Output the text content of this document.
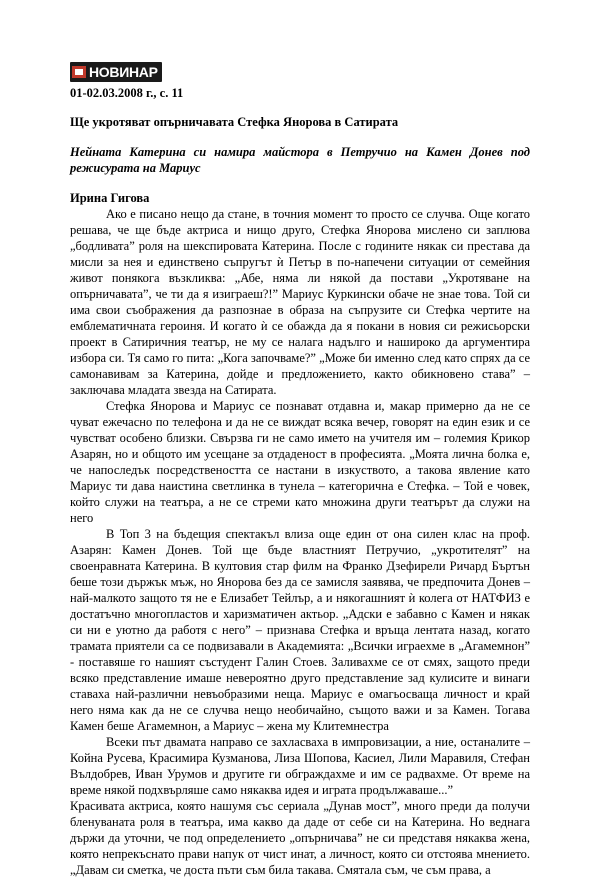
НОВИНАР
01-02.03.2008 г., с. 11
Ще укротяват опърничавата Стефка Янорова в Сатирата
Нейната Катерина си намира майстора в Петручио на Камен Донев под режисурата на Мариус
Ирина Гигова

Ако е писано нещо да стане, в точния момент то просто се случва. Още когато решава, че ще бъде актриса и нищо друго, Стефка Янорова мислено си заплюва „бодливата” роля на шекспировата Катерина. После с годините някак си престава да мисли за нея и единствено съпругът ѝ Петър в по-напечени ситуации от семейния живот понякога възкликва: „Абе, няма ли някой да постави „Укротяване на опърничавата”, че ти да я изиграеш?!” Мариус Куркински обаче не знае това. Той си има свои съображения да разпознае в образа на съпрузите си Стефка чертите на емблематичната героиня. И когато ѝ се обажда да я покани в новия си режисьорски проект в Сатиричния театър, не му се налага надълго и нашироко да аргументира избора си. Тя само го пита: „Кога започваме?” „Може би именно след като спрях да се самонавивам за Катерина, дойде и предложението, както обикновено става” – заключава младата звезда на Сатирата.

Стефка Янорова и Мариус се познават отдавна и, макар примерно да не се чуват ежечасно по телефона и да не се виждат всяка вечер, говорят на един език и се чувстват особено близки. Свързва ги не само името на учителя им – големия Крикор Азарян, но и общото им усещане за отдаденост в професията. „Моята лична болка е, че напоследък посредствеността се настани в изкуството, а такова явление като Мариус ти дава наистина светлинка в тунела – категорична е Стефка. – Той е човек, който служи на театъра, а не се стреми като множина други театърът да служи на него

В Топ 3 на бъдещия спектакъл влиза още един от она силен клас на проф. Азарян: Камен Донев. Той ще бъде властният Петручио, „укротителят” на своенравната Катерина. В култовия стар филм на Франко Дзефирели Ричард Бъртън беше този държък мъж, но Янорова без да се замисля заявява, че предпочита Донев – най-малкото защото тя не е Елизабет Тейлър, а и някогашният ѝ колега от НАТФИЗ е достатъчно многопластов и харизматичен актьор. „Адски е забавно с Камен и някак си ни е уютно да работя с него” – признава Стефка и връща лентата назад, когато трамата приятели са се подвизавали в Академията: „Всички играехме в „Агамемнон” - поставяше го нашият състудент Галин Стоев. Заливахме се от смях, защото преди всяко представление имаше невероятно друго представление зад кулисите и винаги ставаха най-различни невъобразими неща. Мариус е омагьосваща личност и край него няма как да не се случва нещо необичайно, същото важи и за Камен. Тогава Камен беше Агамемнон, а Мариус – жена му Клитемнестра

Всеки път двамата направо се захласваха в импровизации, а ние, останалите – Койна Русева, Красимира Кузманова, Лиза Шопова, Касиел, Лили Маравиля, Стефан Вълдобрев, Иван Урумов и другите ги обграждахме и им се радвахме. От време на време някой подхвърляше само някаква идея и играта продължаваше...”

Красивата актриса, която нашумя със сериала „Дунав мост”, много преди да получи бленуваната роля в театъра, има какво да даде от себе си на Катерина. Но веднага държи да уточни, че под определението „опърничава” не си представя някаква жена, която непрекъснато прави напук от чист инат, а личност, която си отстоява мнението. „Давам си сметка, че доста пъти съм била такава. Смятала съм, че съм права, а
